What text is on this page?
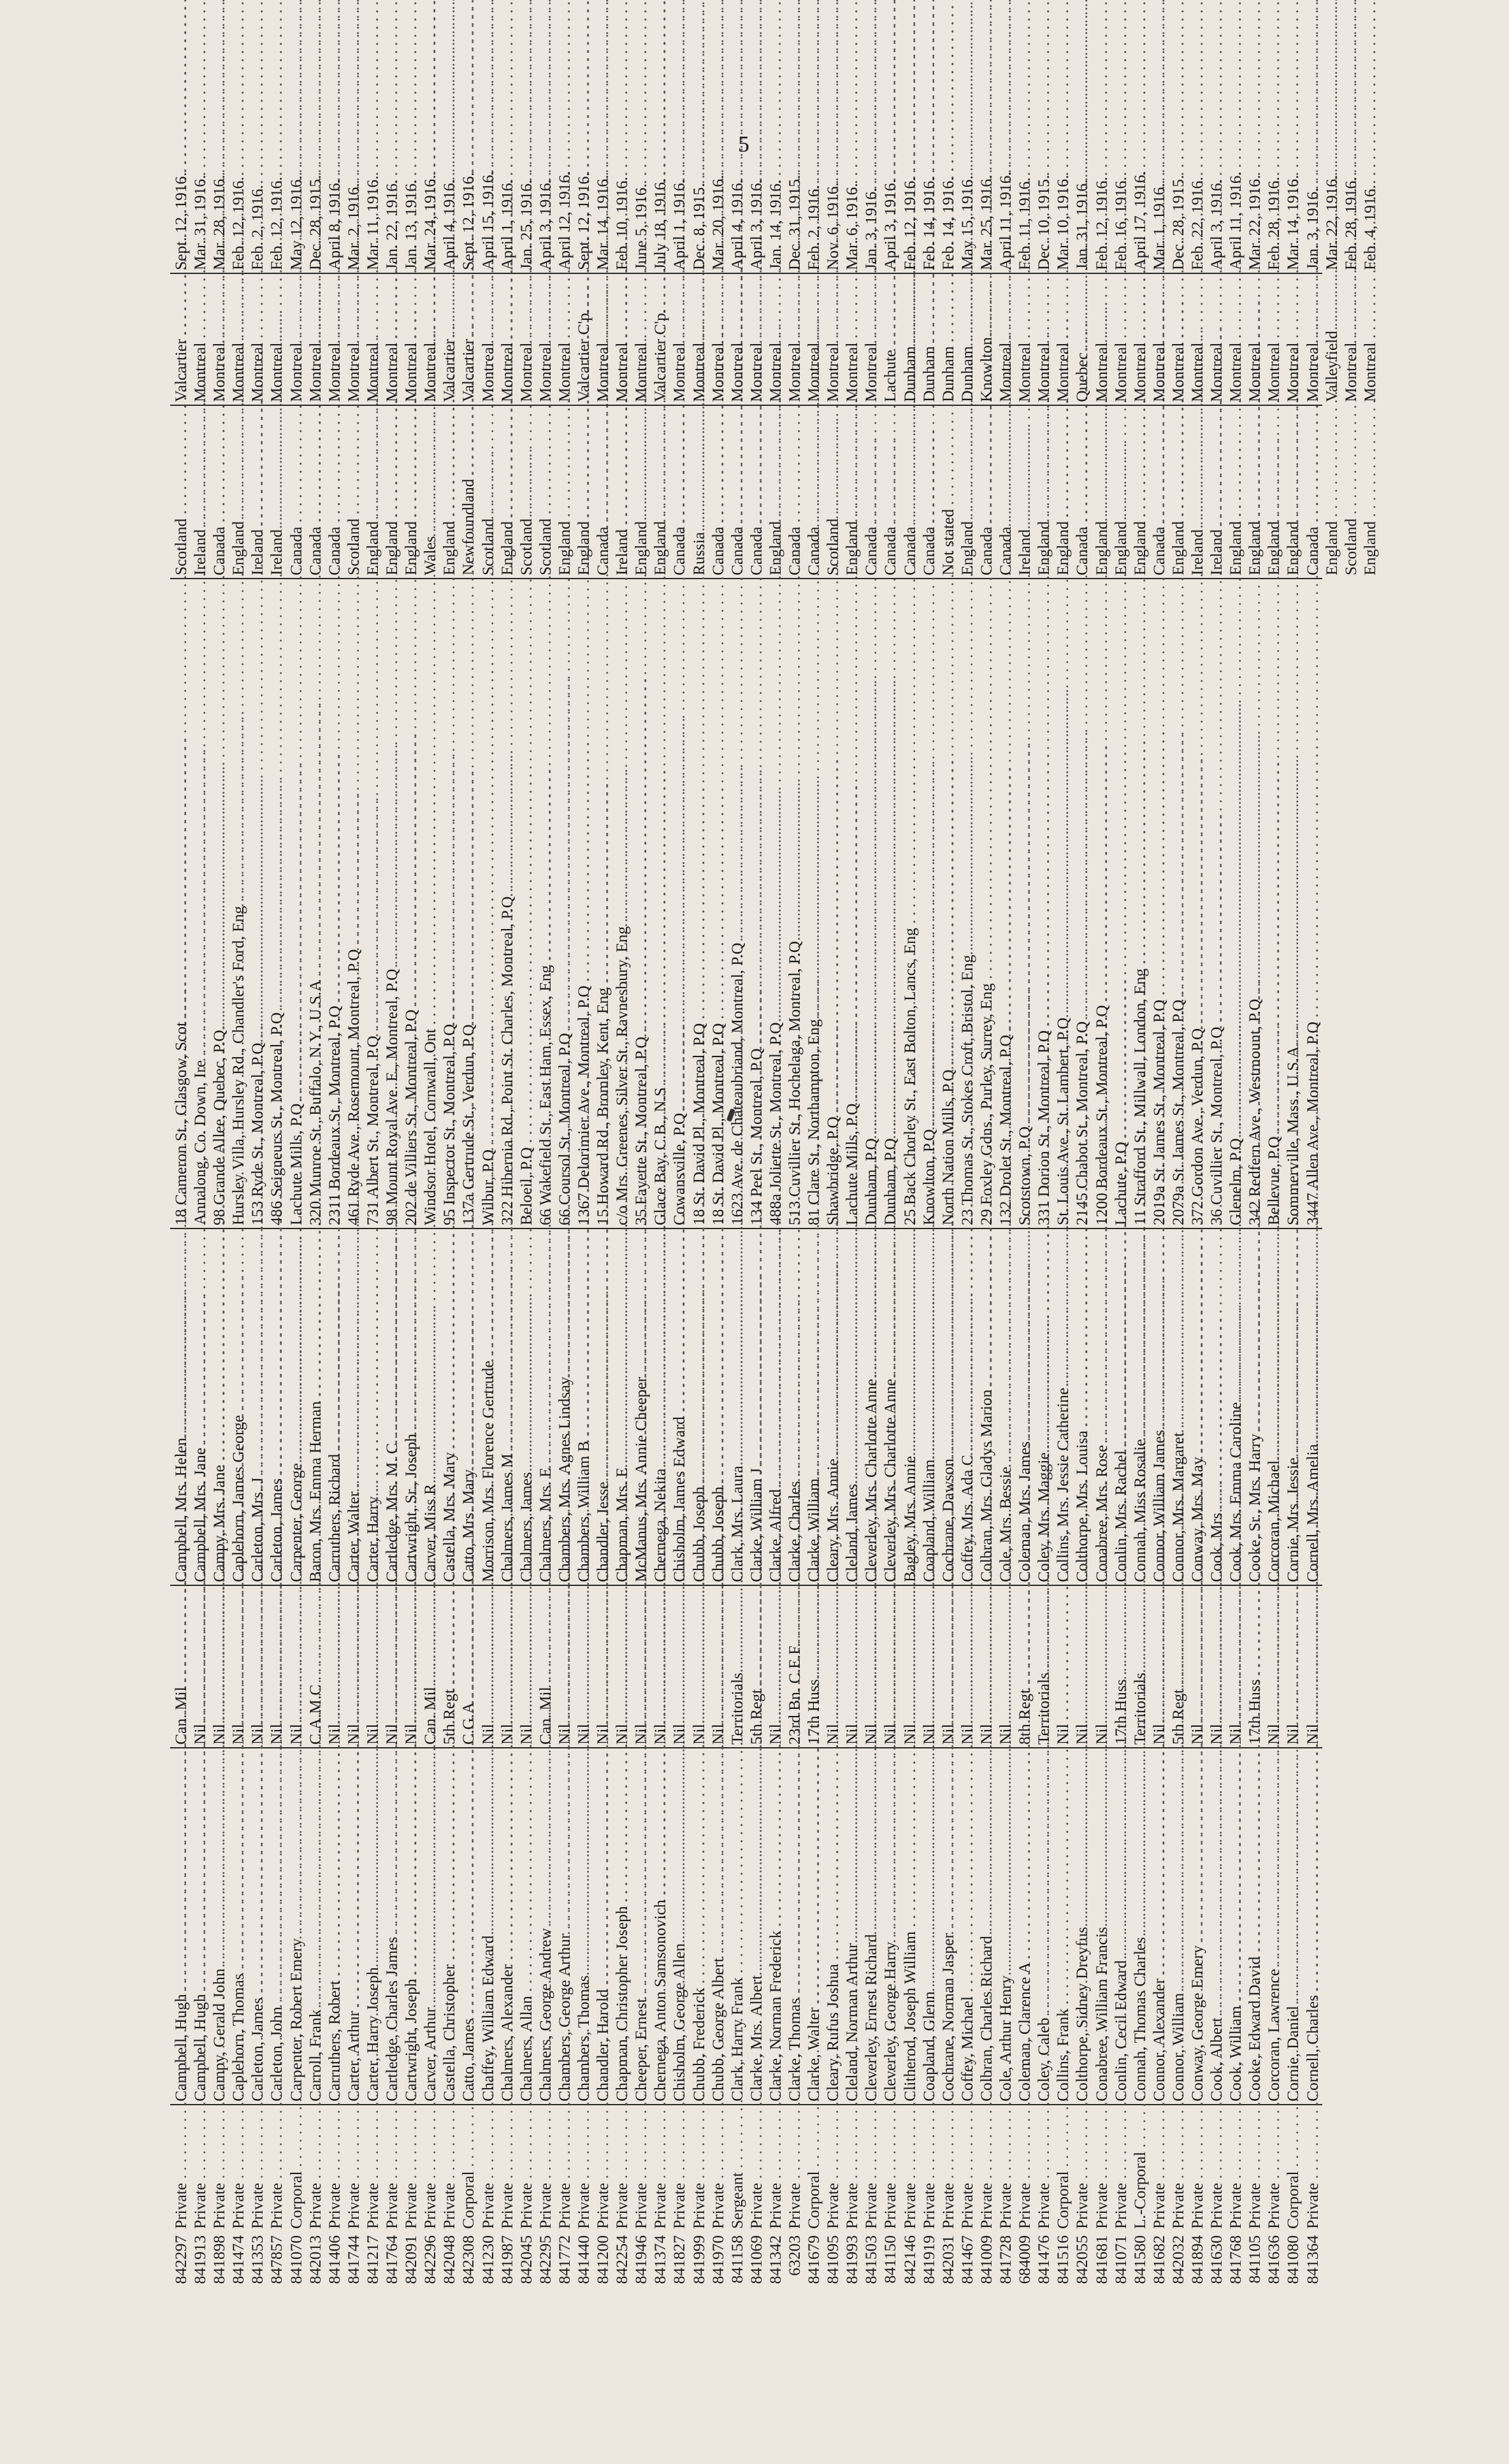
5
842297 841913 841898 841474 841353 847857 841070 842013 841406 841744 841217 841764 842091 842296 842048 842308 841230 841987 842045 842295 841772 841440 841200 842254 841946 841374 841827 841999 841970 841158 841069 841342 63203 841679 841095 841993 841503 841150 842146 841919 842031 841467 841009 841728 684009 841476 841516 842055 841681 841071 841580 841682 842032 841894 841630 841768 841105 841636 841080 841364
Private . . . Private . . . Private . . . Private . . . Private . . . Private . . . Corporal . . . Private . . . Private . . . Private . . . Private . . . Private . . . Private . . . Private . . . Private . . . Corporal . . . Private . . . Private . . . Private . . . Private . . . Private . . . Private . . . Private . . . Private . . . Private . . . Private . . . Private . . . Private . . . Private . . . Sergeant . . . Private . . . Private . . . Private . . . Corporal . . . Private . . . Private . . . Private . . . Private . . . Private . . . Private . . . Private . . . Private . . . Private . . . Private . . . Private . . . Private . . . Corporal . . . Private . . . Private . . . Private . . . L.-Corporal . . . Private . . . Private . . . Private . . . Private . . . Private . . . Private . . . Private . . . Corporal . . . Private . . .
Campbell, Hugh . . . Campbell, Hugh . . . Campy, Gerald John . . . Caplehorn, Thomas . . . Carleton, James . . . Carleton, John . . . Carpenter, Robert Emery . . . Carroll, Frank . . . Carruthers, Robert . . . Carter, Arthur . . . Carter, Harry Joseph . . . Cartledge, Charles James . . . Cartwright, Joseph . . . Carver, Arthur . . . Castella, Christopher . . . Catto, James . . . Chaffey, William Edward . . . Chalmers, Alexander . . . Chalmers, Allan . . . Chalmers, George Andrew . . . Chambers, George Arthur . . . Chambers, Thomas . . . Chandler, Harold . . . Chapman, Christopher Joseph . . . Cheeper, Ernest . . . Chernega, Anton Samsonovich . . . Chisholm, George Allen . . . Chubb, Frederick . . . Chubb, George Albert . . . Clark, Harry Frank . . . Clarke, Mrs. Albert . . . Clarke, Norman Frederick . . . Clarke, Thomas . . . Clarke, Walter . . . Cleary, Rufus Joshua . . . Cleland, Norman Arthur . . . Cleverley, Ernest Richard . . . Cleverley, George Harry . . . Clitherod, Joseph William . . . Coapland, Glenn . . . Cochrane, Norman Jasper . . . Coffey, Michael . . . Colbran, Charles Richard . . . Cole, Arthur Henry . . . Coleman, Clarence A . . . Coley, Caleb . . . Collins, Frank . . . Colthorpe, Sidney Dreyfus . . . Conabree, William Francis . . . Conlin, Cecil Edward . . . Connah, Thomas Charles . . . Connor, Alexander . . . Connor, William . . . Conway, George Emery . . . Cook, Albert . . . Cook, William . . . Cooke, Edward David . . . Corcoran, Lawrence . . . Cornie, Daniel . . . Cornell, Charles . . .
Can. Mil . . . Nil . . . Nil . . . Nil . . . Nil . . . Nil . . . Nil . . . C.A.M.C . . . Nil . . . Nil . . . Nil . . . Nil . . . Nil . . . Can. Mil . . . 5th Regt . . . C.G.A . . . Nil . . . Nil . . . Nil . . . Can. Mil . . . Nil . . . Nil . . . Nil . . . Nil . . . Nil . . . Nil . . . Nil . . . Nil . . . Nil . . . Territorials . . . 5th Regt . . . Nil . . . 23rd Bn. C.E.F. . . . 17th Huss . . . Nil . . . Nil . . . Nil . . . Nil . . . Nil . . . Nil . . . Nil . . . Nil . . . Nil . . . Nil . . . 8th Regt . . . Territorials . . . Nil . . . Nil . . . Nil . . . 17th Huss . . . Territorials . . . Nil . . . 5th Regt . . . Nil . . . Nil . . . Nil . . . 17th Huss . . . Nil . . . Nil . . . Nil . . .
Campbell, Mrs. Helen . . . Campbell, Mrs. Jane . . . Campy, Mrs. Jane . . . Caplehorn, James George . . . Carleton, Mrs. J . . . Carleton, James . . . Carpenter, George . . . Baron, Mrs. Emma Herman . . . Carruthers, Richard . . . Carter, Walter . . . Carter, Harry . . . Cartledge, Mrs. M. C . . . Cartwright, Sr., Joseph . . . Carver, Miss R . . . Castella, Mrs. Mary . . . Catto, Mrs. Mary . . . Morrison, Mrs. Florence Gertrude . . . Chalmers, James M . . . Chalmers, James . . . Chalmers, Mrs. E . . . Chambers, Mrs. Agnes Lindsay . . . Chambers, William B . . . Chandler, Jesse . . . Chapman, Mrs. E . . . McManus, Mrs. Annie Cheeper . . . Chernega, Nekita . . . Chisholm, James Edward . . . Chubb, Joseph . . . Chubb, Joseph . . . Clark, Mrs. Laura . . . Clarke, William J . . . Clarke, Alfred . . . Clarke, Charles . . . Clarke, William . . . Cleary, Mrs. Annie . . . Cleland, James . . . Cleverley, Mrs. Charlotte Anne . . . Cleverley, Mrs. Charlotte Anne . . . Bagley, Mrs. Annie . . . Coapland, William . . . Cochrane, Dawson . . . Coffey, Mrs. Ada C . . . Colbran, Mrs. Gladys Marion . . . Cole, Mrs. Bessie . . . Coleman, Mrs. James . . . Coley, Mrs. Maggie . . . Collins, Mrs. Jessie Catherine . . . Colthorpe, Mrs. Louisa . . . Conabree, Mrs. Rose . . . Conlin, Mrs. Rachel . . . Connah, Miss Rosalie . . . Connor, William James . . . Connor, Mrs. Margaret . . . Conway, Mrs. May . . . Cook, Mrs . . . Cook, Mrs. Emma Caroline . . . Cooke, Sr., Mrs. Harry . . . Corcoran, Michael . . . Cornie, Mrs. Jessie . . . Cornell, Mrs. Amelia . . .
18 Cameron St., Glasgow, Scot . . . Annalong, Co. Down, Ire . . . 98 Grande Allee, Quebec, P.Q . . . Hursley Villa, Hursley Rd., Chandler's Ford, Eng . . . 153 Ryde St., Montreal, P.Q . . . 486 Seigneurs St., Montreal, P.Q . . . Lachute Mills, P.Q . . . 320 Munroe St., Buffalo, N.Y., U.S.A . . . 2311 Bordeaux St., Montreal, P.Q . . . 461 Ryde Ave., Rosemount, Montreal, P.Q . . . 731 Albert St., Montreal, P.Q . . . 98 Mount Royal Ave. E., Montreal, P.Q . . . 202 de Villiers St., Montreal, P.Q . . . Windsor Hotel, Cornwall, Ont . . . 95 Inspector St., Montreal, P.Q . . . 137a Gertrude St., Verdun, P.Q . . . Wilbur, P.Q . . . 322 Hibernia Rd., Point St. Charles, Montreal, P.Q . . . Beloeil, P.Q . . . 66 Wakefield St., East Ham, Essex, Eng . . . 66 Coursol St., Montreal, P.Q . . . 1367 Delorimier Ave., Montreal, P.Q . . . 15 Howard Rd., Bromley, Kent, Eng . . . c/o Mrs. Greenes, Silver St., Ravnesbury, Eng . . . 35 Fayette St., Montreal, P.Q . . . Glace Bay, C.B., N.S . . . Cowansville, P.Q . . . 18 St. David Pl., Montreal, P.Q . . . 18 St. David Pl., Montreal, P.Q . . . 1623 Ave. de Chateaubriand, Montreal, P.Q . . . 134 Peel St., Montreal, P.Q . . . 488a Joliette St., Montreal, P.Q . . . 513 Cuvillier St., Hochelaga, Montreal, P.Q . . . 81 Clare St., Northampton, Eng . . . Shawbridge, P.Q . . . Lachute Mills, P.Q . . . Dunham, P.Q . . . Dunham, P.Q . . . 25 Back Chorley St., East Bolton, Lancs, Eng . . . Knowlton, P.Q . . . North Nation Mills, P.Q . . . 23 Thomas St., Stokes Croft, Bristol, Eng . . . 29 Foxley Gdns., Purley, Surrey, Eng . . . 132 Drolet St., Montreal, P.Q . . . Scotstown, P.Q . . . 331 Dorion St., Montreal, P.Q . . . St. Louis Ave., St. Lambert, P.Q . . . 2145 Chabot St., Montreal, P.Q . . . 1200 Bordeaux St., Montreal, P.Q . . . Lachute, P.Q . . . 11 Strafford St., Millwall, London, Eng . . . 2019a St. James St., Montreal, P.Q . . . 2079a St. James St., Montreal, P.Q . . . 372 Gordon Ave., Verdun, P.Q . . . 36 Cuvillier St., Montreal, P.Q . . . Glenelm, P.Q . . . 342 Redfern Ave., Westmount, P.Q . . . Bellevue, P.Q . . . Sommerville, Mass., U.S.A . . . 3447 Allen Ave., Montreal, P.Q . . .
Scotland . . . Ireland . . . Canada . . . England . . . Ireland . . . Ireland . . . Canada . . . Canada . . . Canada . . . Scotland . . . England . . . England . . . England . . . Wales . . . England . . . Newfoundland . . . Scotland . . . England . . . Scotland . . . Scotland . . . England . . . England . . . Canada . . . Ireland . . . England . . . England . . . Canada . . . Russia . . . Canada . . . Canada . . . Canada . . . England . . . Canada . . . Canada . . . Scotland . . . England . . . Canada . . . Canada . . . Canada . . . Canada . . . Not stated . . . England . . . Canada . . . Canada . . . Ireland . . . England . . . England . . . Canada . . . England . . . England . . . England . . . Canada . . . England . . . Ireland . . . Ireland . . . England . . . England . . . England . . . England . . . Canada . . . England . . . Scotland . . . England . . .
Valcartier . . . Montreal . . . Montreal . . . Montreal . . . Montreal . . . Montreal . . . Montreal . . . Montreal . . . Montreal . . . Montreal . . . Montreal . . . Montreal . . . Montreal . . . Montreal . . . Valcartier . . . Valcartier . . . Montreal . . . Montreal . . . Montreal . . . Montreal . . . Montreal . . . Valcartier C'p. . . . Montreal . . . Montreal . . . Montreal . . . Valcartier C'p. . . . Montreal . . . Montreal . . . Montreal . . . Montreal . . . Montreal . . . Montreal . . . Montreal . . . Montreal . . . Montreal . . . Montreal . . . Montreal . . . Lachute . . . Dunham . . . Dunham . . . Dunham . . . Dunham . . . Knowlton . . . Montreal . . . Montreal . . . Montreal . . . Montreal . . . Quebec . . . Montreal . . . Montreal . . . Montreal . . . Montreal . . . Montreal . . . Montreal . . . Montreal . . . Montreal . . . Montreal . . . Montreal . . . Montreal . . . Montreal . . . Valleyfield . . . Montreal . . . Montreal . . .
Sept. 12, 1916. Mar. 31, 1916. Mar. 28, 1916. Feb. 12, 1916. Feb. 2, 1916. Feb. 12, 1916. May 12, 1916. Dec. 28, 1915. April 8, 1916. Mar. 2, 1916. Mar. 11, 1916. Jan. 22, 1916. Jan. 13, 1916. Mar. 24, 1916. April 4, 1916. Sept. 12, 1916. April 15, 1916. April 1, 1916. Jan. 25, 1916. April 3, 1916. April 12, 1916. Sept. 12, 1916. Mar. 14, 1916. Feb. 10, 1916. June 5, 1916. July 18, 1916. April 1, 1916. Dec. 8, 1915. Mar. 20, 1916. April 4, 1916. April 3, 1916. Jan. 14, 1916. Dec. 31, 1915. Feb. 2, 1916. Nov. 6, 1916. Mar. 6, 1916. Jan. 3, 1916. April 3, 1916. Feb. 12, 1916. Feb. 14, 1916. Feb. 14, 1916. May 15, 1916. Mar. 25, 1916. April 11, 1916. Feb. 11, 1916. Dec. 10, 1915. Mar. 10, 1916. Jan. 31, 1916. Feb. 12, 1916. Feb. 16, 1916. April 17, 1916. Mar. 1, 1916. Dec. 28, 1915. Feb. 22, 1916. April 3, 1916. April 11, 1916. Mar. 22, 1916. Feb. 28, 1916. Mar. 14, 1916. Jan. 3, 1916. Mar. 22, 1916. Feb. 28, 1916. Feb. 4, 1916.
